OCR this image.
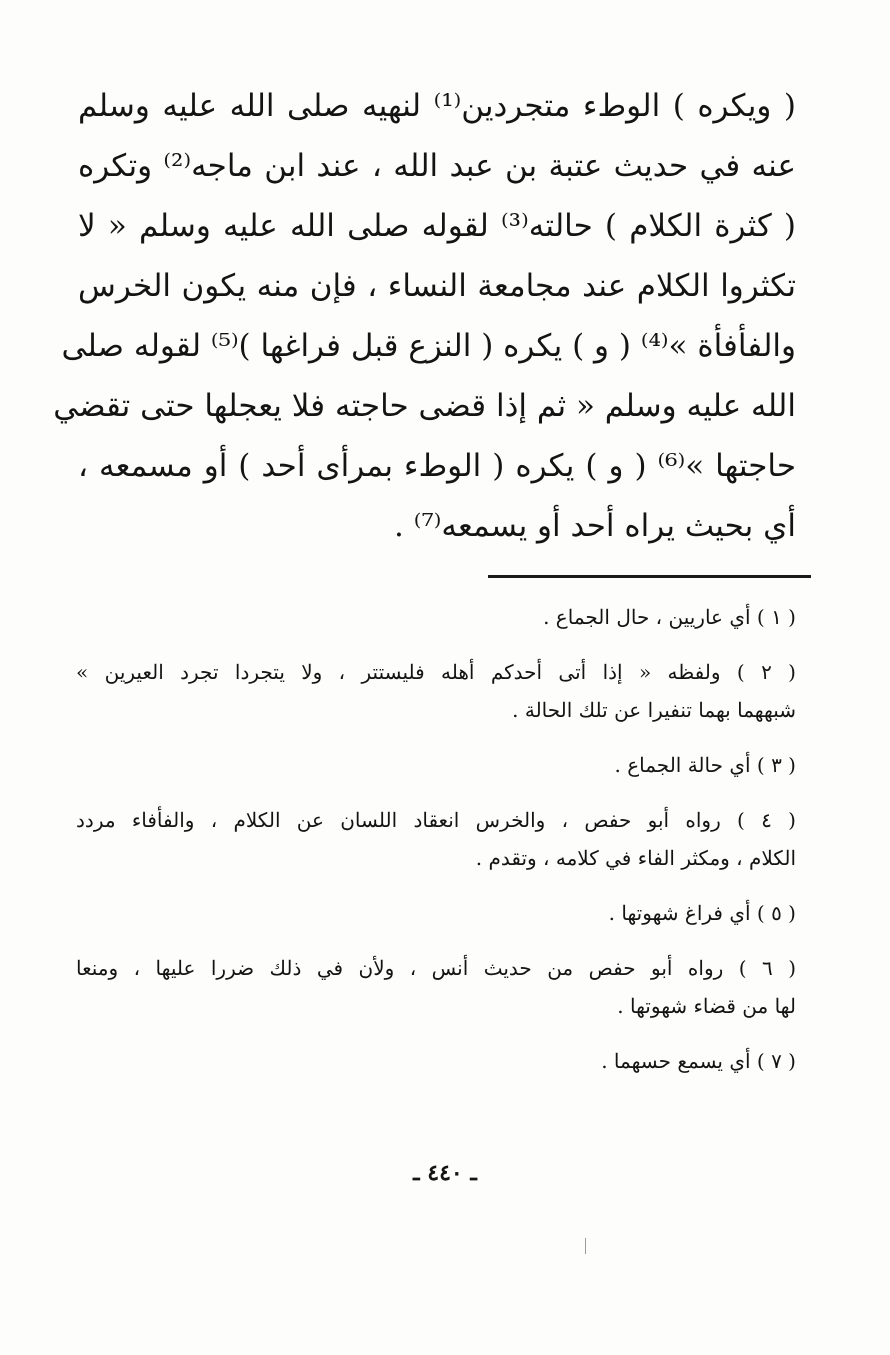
( ويكره ) الوطء متجردين⁽¹⁾ لنهيه صلى الله عليه وسلم
عنه في حديث عتبة بن عبد الله ، عند ابن ماجه⁽²⁾ وتكره
( كثرة الكلام ) حالته⁽³⁾ لقوله صلى الله عليه وسلم « لا
تكثروا الكلام عند مجامعة النساء ، فإن منه يكون الخرس
والفأفأة »⁽⁴⁾ ( و ) يكره ( النزع قبل فراغها )⁽⁵⁾ لقوله صلى
الله عليه وسلم « ثم إذا قضى حاجته فلا يعجلها حتى تقضي
حاجتها »⁽⁶⁾ ( و ) يكره ( الوطء بمرأى أحد ) أو مسمعه ،
أي بحيث يراه أحد أو يسمعه⁽⁷⁾ .
( ١ ) أي عاريين ، حال الجماع .
( ٢ ) ولفظه « إذا أتى أحدكم أهله فليستتر ، ولا يتجردا تجرد العيرين »
شبههما بهما تنفيرا عن تلك الحالة .
( ٣ ) أي حالة الجماع .
( ٤ ) رواه أبو حفص ، والخرس انعقاد اللسان عن الكلام ، والفأفاء مردد
الكلام ، ومكثر الفاء في كلامه ، وتقدم .
( ٥ ) أي فراغ شهوتها .
( ٦ ) رواه أبو حفص من حديث أنس ، ولأن في ذلك ضررا عليها ، ومنعا
لها من قضاء شهوتها .
( ٧ ) أي يسمع حسهما .
ـ ٤٤٠ ـ
